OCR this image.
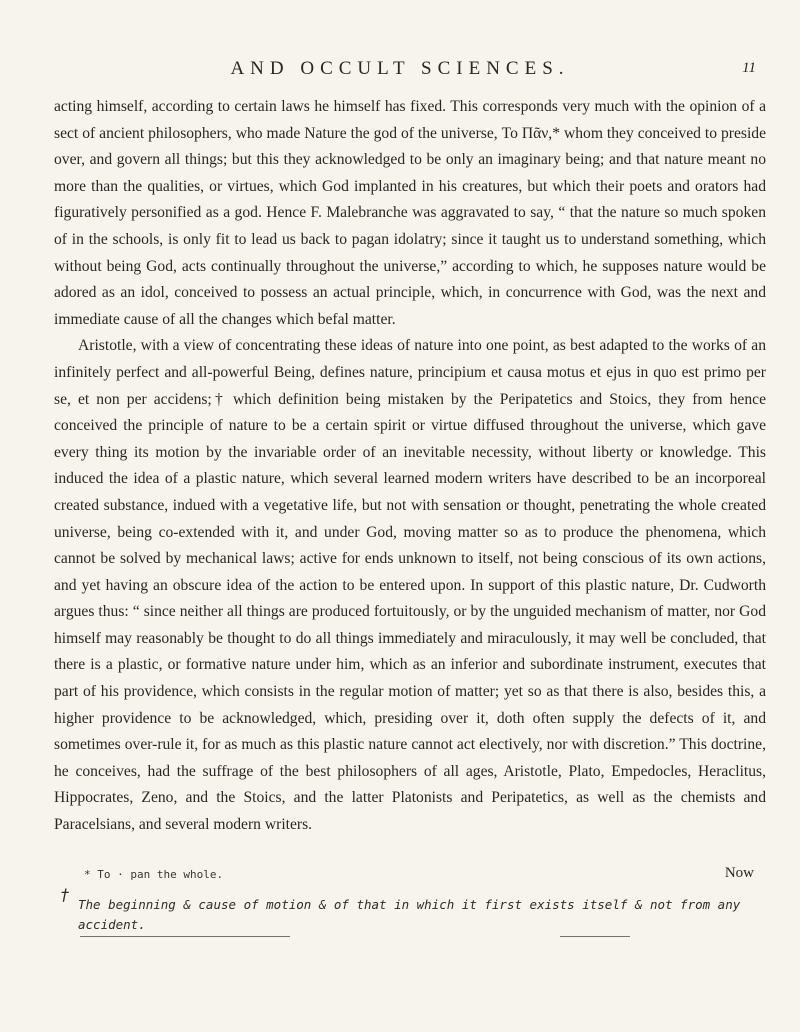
AND OCCULT SCIENCES.	11

acting himself, according to certain laws he himself has fixed. This corresponds very much with the opinion of a sect of ancient philosophers, who made Nature the god of the universe, Το Πᾶν,* whom they conceived to preside over, and govern all things; but this they acknowledged to be only an imaginary being; and that nature meant no more than the qualities, or virtues, which God implanted in his creatures, but which their poets and orators had figuratively personified as a god. Hence F. Malebranche was aggravated to say, “ that the nature so much spoken of in the schools, is only fit to lead us back to pagan idolatry; since it taught us to understand something, which without being God, acts continually throughout the universe,” according to which, he supposes nature would be adored as an idol, conceived to possess an actual principle, which, in concurrence with God, was the next and immediate cause of all the changes which befal matter.

Aristotle, with a view of concentrating these ideas of nature into one point, as best adapted to the works of an infinitely perfect and all-powerful Being, defines nature, principium et causa motus et ejus in quo est primo per se, et non per accidens;† which definition being mistaken by the Peripatetics and Stoics, they from hence conceived the principle of nature to be a certain spirit or virtue diffused throughout the universe, which gave every thing its motion by the invariable order of an inevitable necessity, without liberty or knowledge. This induced the idea of a plastic nature, which several learned modern writers have described to be an incorporeal created substance, indued with a vegetative life, but not with sensation or thought, penetrating the whole created universe, being co-extended with it, and under God, moving matter so as to produce the phenomena, which cannot be solved by mechanical laws; active for ends unknown to itself, not being conscious of its own actions, and yet having an obscure idea of the action to be entered upon. In support of this plastic nature, Dr. Cudworth argues thus: “ since neither all things are produced fortuitously, or by the unguided mechanism of matter, nor God himself may reasonably be thought to do all things immediately and miraculously, it may well be concluded, that there is a plastic, or formative nature under him, which as an inferior and subordinate instrument, executes that part of his providence, which consists in the regular motion of matter; yet so as that there is also, besides this, a higher providence to be acknowledged, which, presiding over it, doth often supply the defects of it, and sometimes over-rule it, for as much as this plastic nature cannot act electively, nor with discretion.” This doctrine, he conceives, had the suffrage of the best philosophers of all ages, Aristotle, Plato, Empedocles, Heraclitus, Hippocrates, Zeno, and the Stoics, and the latter Platonists and Peripatetics, as well as the chemists and Paracelsians, and several modern writers.

* To · pan the whole.	Now
†
The beginning & cause of motion & of that in which it first exists itself & not from any accident.
